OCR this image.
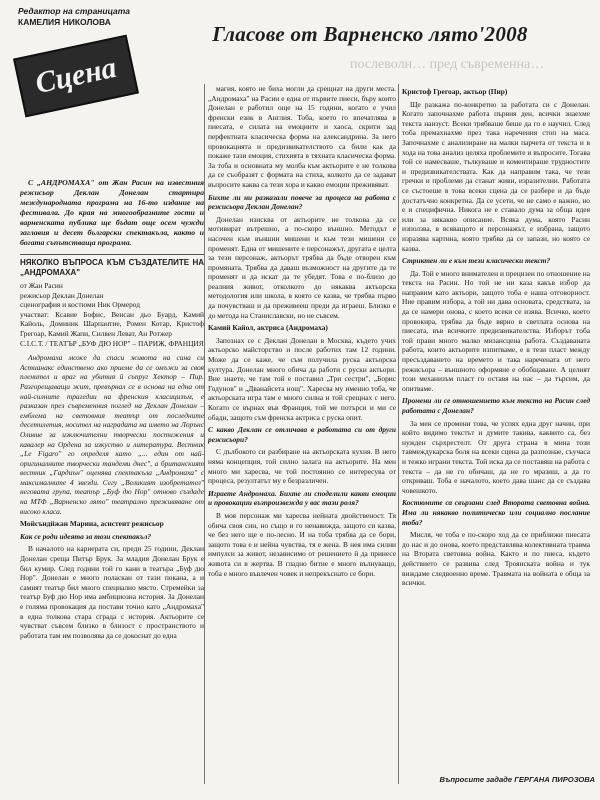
Редактор на страницата
КАМЕЛИЯ НИКОЛОВА	Гласове от Варненско лято'2008
послеволн… пред съвременна…
Сцена

С „АНДРОМАХА" от Жан Расин на известния режисьор Деклан Донелан стартира международната програма на 16-то издание на фестивала. До края на многообразните гости и варненската публика ще бъдат още осем чужди заглавия и десет български спектакъла, както и богата съпътстваща програма.

НЯКОЛКО ВЪПРОСА КЪМ СЪЗДАТЕЛИТЕ НА „АНДРОМАХА"

от Жан Расин

режисьор Деклан Донелан

сценография и костюми Ник Ормерод

участват: Ксавие Бофис, Венсан дьо Буард, Камий Кайоль, Доминик Шарпантие, Ромен Котар, Кристоф Грегоар, Камий Жапи, Силвен Леват, Ан Ротжер

С.І.С.Т. / ТЕАТЪР „БУФ ДЮ НОР" – ПАРИЖ, ФРАНЦИЯ

Андромаха може да спаси живота на сина си Астианакс единствено ако приеме да се омъжи за своя пленител и враг на убития й съпруг Хектор – Пир. Разгорещаващи жит, превърнал се в основа на една от най-силните трагедии на френския класицизъм, е разказан през съвременния поглед на Деклан Донелан – емблема на световния театър от последните десетилетия, носител на наградата на името на Лорънс Оливие за изключителни творчески постижения и кавалер на Ордена за изкуство и литература. Вестник „Le Figaro" го определя като „... един от най-оригиналните творчески тандеми днес", а британският вестник „Гардиън" оценява спектакъла „Андромаха" с максималните 4 звезди. Сегу „Великият изобретател" неговата група, театър „Буф дю Нор" отново създаде на МТФ „Варненско лято" театрално преживяване от високо класа.

Мойсъндйжан Марина, асистент режисьор

Как се роди идеята за този спектакъл?

В началото на кариерата си, преди 25 години, Деклан Донелан среща Питър Брук. За младия Донелан Брук е бил кумир. След години той го кани в театъра „Буф дю Нор". Донелан е много поласкан от тази покана, а и самият театър бил много специално място. Стремейки за театър Буф дю Нор има амбициозна история. За Донелан е голяма провокация да постави точно като „Андромаха" в една толкова стара сграда с история. Актьорите се чувстват съвсем близко в близост с пространството и работата там им позволява да се докоснат до една

магия, която не биха могли да срещнат на други места. „Андромаха" на Расин е една от първите пиеси, бъру които Донелан е работил още на 15 години, когато е учил френски език в Англия. Тоба, което го впечатлява в пиесата, е силата на емоциите и хаоса, скрити зад перфектната класическа форма на александрина. За него провокацията и предизвикателството са били как да покаже тази емоция, стихията в тяхната класическа форма. За тоба и основната му молба към актьорите е не толкова да се съобразят с формата на стиха, колкото да се задават въпросите каква са тези хора и какво емоции преживяват.

Бихте ли ни разказали повече за процеса на работа с режисьора Деклан Донелан?

Донелан изисква от актьорите не толкова да се мотивират вътрешно, а по-скоро външно. Методът е насочен към външни мишени и към тези мишени се променят. Една от мишените е персонажът, другата е целта за тези персонаж, актьорът трябва да бъде отворен към промяната. Трябва да даваш възможност на другите да те променят и да искат да те убедят. Това е по-близо до реалния живот, отколкото до някаква актьорска методология или школа, в която се казва, че трябва първо да почувстваш и да преживееш преди да играеш. Близко е до метода на Станиславски, но не съвсем.

Камий Кайол, актриса (Андромаха)

Запознах се с Деклан Донелан в Москва, където учих актьорско майсторство и после работих там 12 години. Може да се каже, че съм получила руска актьорска култура. Донелан много обича да работи с руски актьори. Вие знаете, че там той е поставил „Три сестри", „Борис Годунов" и „Дванайсета нощ". Харесва му именно тоба, че актьорската игра там е много силна и той срещнах с него. Когато се върнах във Франция, той ме потърси и ми се обади, защото съм френска актриса с руска опит.

С какво Деклан се отличава в работата си от други режисьори?

С дълбокото си разбиране на актьорската кухня. В него няма концепция, той силно залага на актьорите. На мен много ми харесва, че той постоянно се интересува от процеса, резултатът му е безразличен.

Играете Андромаха. Бихте ли споделили какви емоции и провокации възпроизвежда у вас тази роля?

В моя персонаж ми харесва нейната двойственост. Тя обича своя син, но също и го ненавижда, защото си казва, че без него ще е по-лесно. И на тоба трябва да се бори, защото това е и нейна чувства, тя е жена. В нея има силни импулси за живот, независимо от решението й да принесе живота си в жертва. В гладно битие е много вълнуващо, тоба е много въвлечен човек и непрекъснато се бори.

Кристоф Грегоар, актьор (Пир)

Ще разкажа по-конкретно за работата си с Донелан. Когато започнахме работа първия ден, всички знаехме текста наизуст. Всеки трябваше беше да го е научил. След тоба премахнахме през така наречения стоп на маса. Започнахме с анализиране на малки парчета от текста и в хода на това анализ целяха проблемите и въпросите. Тогава той се намесваше, тълкуваше и коментираше трудностите и предизвикателствата. Как да направим така, че тези гречки и проблеми да станат живи, изразителни. Работата се състоеше в това всеки сцена да се разбере и да бъде достатъчно конкретна. Да се усети, че не само е важно, но е и специфична. Никога не е ставало дума за обща идея или за някакво описание. Всяка дума, която Расин използва, в всяващото и персонажът, е избрана, защото изразява картина, която трябва да се запази, но която се казва.

Стриктен ли е към тези класически текст?

Да. Той е много внимателен и прецизен по отношение на текста на Расин. Но той не ни каза какъв избор да направим като актьори, защото тоба е наша отговорност. Ние правим избора, а той ни дава основата, средствата, за да се намери онова, с което всеки се изява. Всичко, което провокира, трябва да бъде вярно в светлата основа на пиесата, във всичките предизвикателства. Изборът тоба той прави много малко мизансцена работа. Създаваната работа, които актьорите изпитваме, е в тези пласт между пресъздаването на времето и така наречената от него режисьора – външното оформяне е обобщаване. А целият този механизъм пласт го оставя на нас – да търсим, да опитваме.

Промени ли се отношението към текста на Расин след работата с Донелан?

За мен се промени това, че успях една друг начин, при който видимо текстът и думите такива, каквито са, без нужден сърхрестелт. От друга страна в мина този тавмеждукарска боля на всеки сцена да разпознае, съучаса и тежко играни текста. Той иска да се поставяш на работа с текста – да не го обичаш, да не го мразиш, а да го откриваш. Тоба е началото, което дава шанс да се създава човешкото.

Костюмите са свързани след Втората световна война. Има ли някакво политическо или социално послание тоба?

Мисля, че тоба е по-скоро ход да се приближи пиесата до нас и до онова, което представлява колективната травма на Втората световна война. Както и по пиеса, където действието се развива след Троянската война и тук виждаме следвоенно време. Травмата на войната е обща за всички.

Въпросите зададе ГЕРГАНА ПИРОЗОВА
